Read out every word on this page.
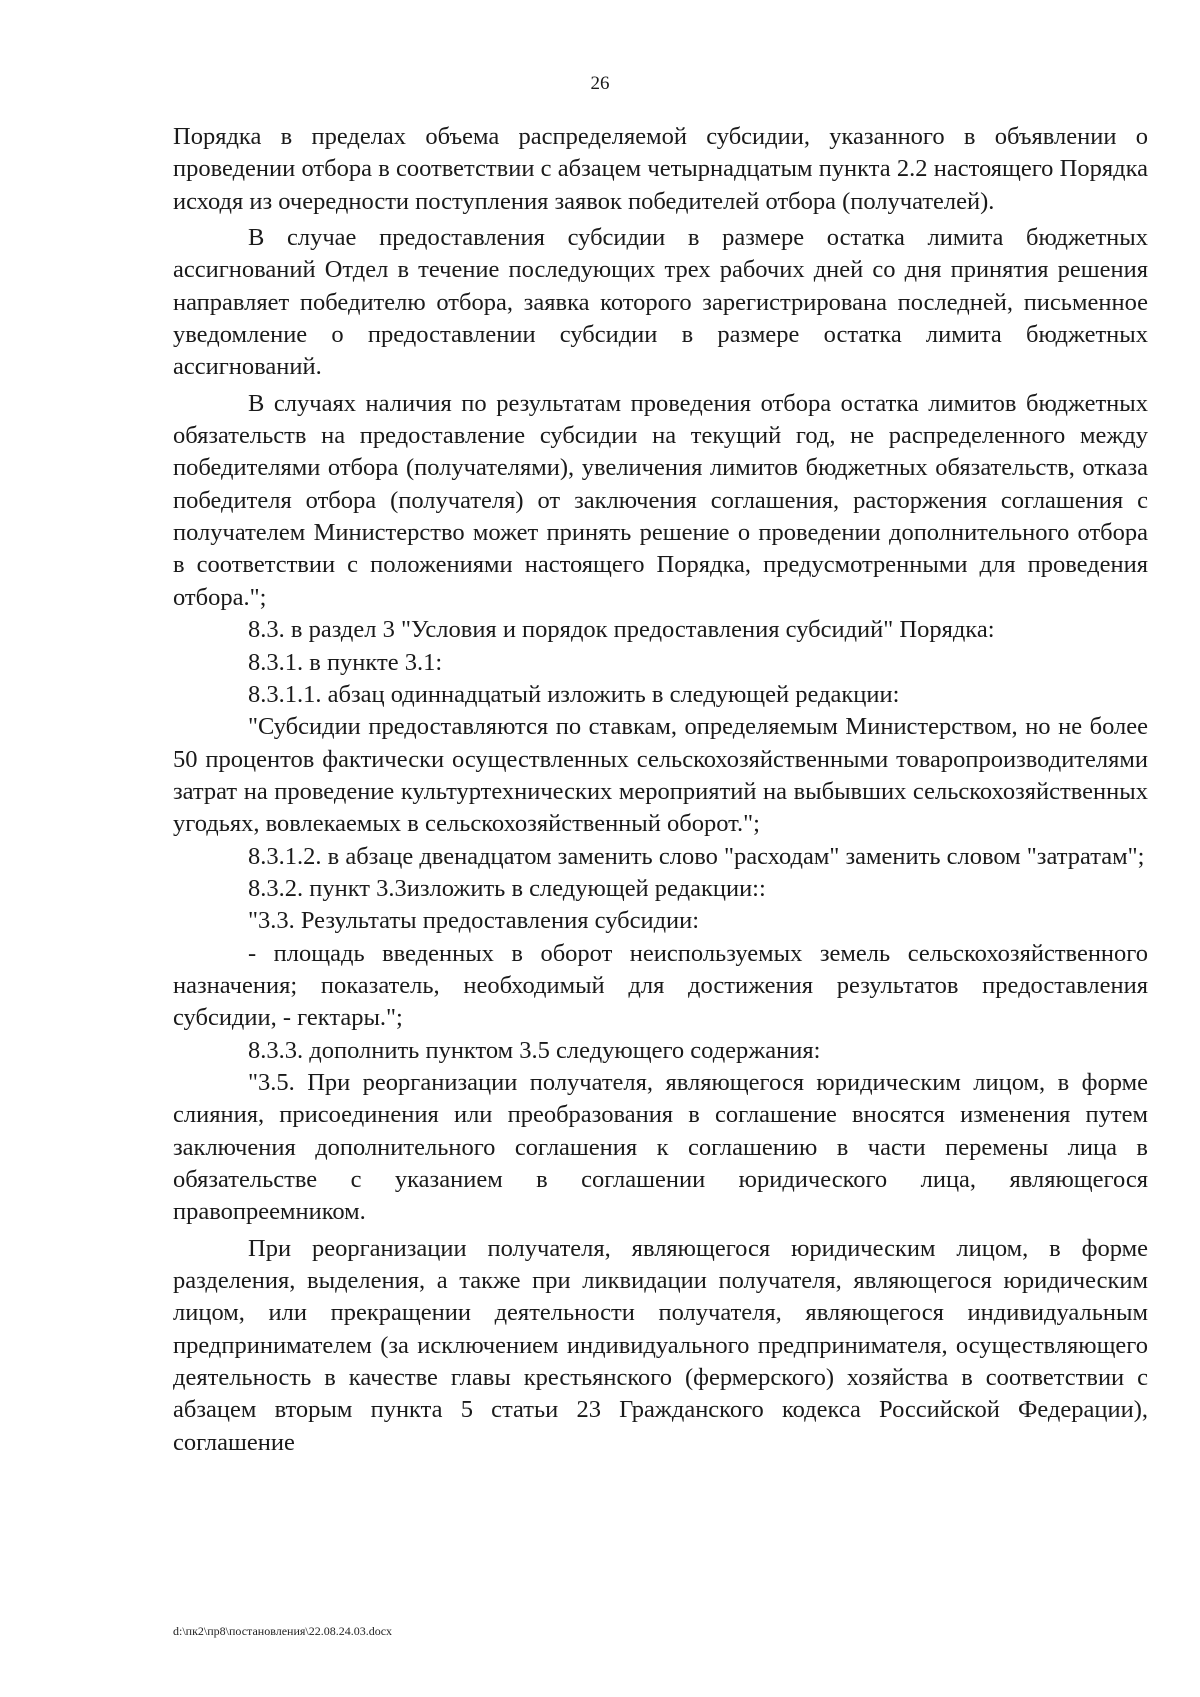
26

Порядка в пределах объема распределяемой субсидии, указанного в объявлении о проведении отбора в соответствии с абзацем четырнадцатым пункта 2.2 настоящего Порядка исходя из очередности поступления заявок победителей отбора (получателей).

В случае предоставления субсидии в размере остатка лимита бюджетных ассигнований Отдел в течение последующих трех рабочих дней со дня принятия решения направляет победителю отбора, заявка которого зарегистрирована последней, письменное уведомление о предоставлении субсидии в размере остатка лимита бюджетных ассигнований.

В случаях наличия по результатам проведения отбора остатка лимитов бюджетных обязательств на предоставление субсидии на текущий год, не распределенного между победителями отбора (получателями), увеличения лимитов бюджетных обязательств, отказа победителя отбора (получателя) от заключения соглашения, расторжения соглашения с получателем Министерство может принять решение о проведении дополнительного отбора в соответствии с положениями настоящего Порядка, предусмотренными для проведения отбора.";

8.3. в раздел 3 "Условия и порядок предоставления субсидий" Порядка:

8.3.1. в пункте 3.1:

8.3.1.1. абзац одиннадцатый изложить в следующей редакции:

"Субсидии предоставляются по ставкам, определяемым Министерством, но не более 50 процентов фактически осуществленных сельскохозяйственными товаропроизводителями затрат на проведение культуртехнических мероприятий на выбывших сельскохозяйственных угодьях, вовлекаемых в сельскохозяйственный оборот.";

8.3.1.2. в абзаце двенадцатом заменить слово "расходам" заменить словом "затратам";

8.3.2. пункт 3.3изложить в следующей редакции::

"3.3. Результаты предоставления субсидии:

- площадь введенных в оборот неиспользуемых земель сельскохозяйственного назначения; показатель, необходимый для достижения результатов предоставления субсидии, - гектары.";

8.3.3. дополнить пунктом 3.5 следующего содержания:

"3.5. При реорганизации получателя, являющегося юридическим лицом, в форме слияния, присоединения или преобразования в соглашение вносятся изменения путем заключения дополнительного соглашения к соглашению в части перемены лица в обязательстве с указанием в соглашении юридического лица, являющегося правопреемником.

При реорганизации получателя, являющегося юридическим лицом, в форме разделения, выделения, а также при ликвидации получателя, являющегося юридическим лицом, или прекращении деятельности получателя, являющегося индивидуальным предпринимателем (за исключением индивидуального предпринимателя, осуществляющего деятельность в качестве главы крестьянского (фермерского) хозяйства в соответствии с абзацем вторым пункта 5 статьи 23 Гражданского кодекса Российской Федерации), соглашение

d:\пк2\пр8\постановления\22.08.24.03.docx
